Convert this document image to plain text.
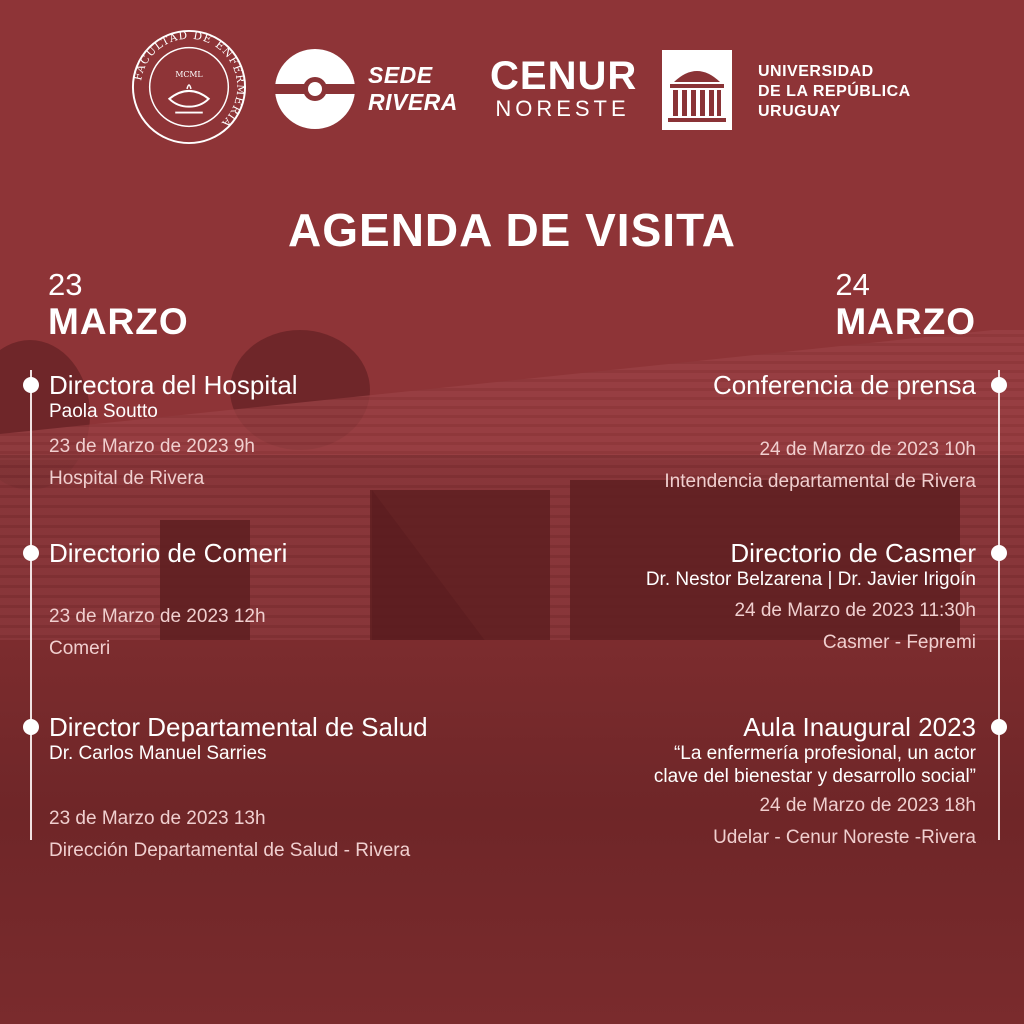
FACULTAD DE ENFERMERIA
MCML	SEDE
RIVERA
CENUR
NORESTE
UNIVERSIDAD
DE LA REPÚBLICA
URUGUAY
AGENDA DE VISITA
23
MARZO
24
MARZO
Directora del Hospital
Paola Soutto
23 de Marzo de 2023 9h
Hospital de Rivera
Directorio de Comeri
23 de Marzo de 2023 12h
Comeri
Director Departamental de Salud
Dr. Carlos Manuel Sarries
23 de Marzo de 2023 13h
Dirección Departamental de Salud - Rivera
Conferencia de prensa
24 de Marzo de 2023 10h
Intendencia departamental de Rivera
Directorio de Casmer
Dr. Nestor Belzarena | Dr. Javier Irigoín
24 de Marzo de 2023 11:30h
Casmer - Fepremi
Aula Inaugural 2023
“La enfermería profesional, un actor
clave del bienestar y desarrollo social”
24 de Marzo de 2023 18h
Udelar - Cenur Noreste -Rivera
